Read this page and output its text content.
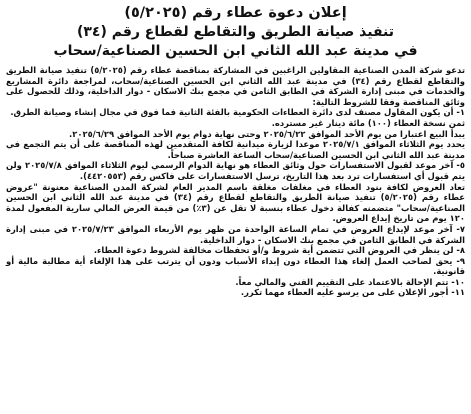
إعلان دعوة عطاء رقم (٥/٢٠٢٥)
تنفيذ صيانة الطريق والتقاطع لقطاع رقم (٣٤)
في مدينة عبد الله الثاني ابن الحسين الصناعية/سحاب

تدعو شركة المدن الصناعية المقاولين الراغبين في المشاركة بمناقصة عطاء رقم (٥/٢٠٢٥) تنفيذ صيانة الطريق والتقاطع لقطاع رقم (٣٤) في مدينة عبد الله الثاني ابن الحسين الصناعية/سحاب، لمراجعة دائرة المشاريع والخدمات في مبنى إدارة الشركة في الطابق الثامن في مجمع بنك الاسكان - دوار الداخلية، وذلك للحصول على وثائق المناقصة وفقا للشروط التالية:

١- أن يكون المقاول مصنف لدى دائرة العطاءات الحكومية بالفئة الثانية فما فوق في مجال إنشاء وصيانة الطرق.

ثمن نسخة العطاء (١٠٠) مائة دينار غير مسترده.

يبدأ البيع اعتبارا من يوم الأحد الموافق ٢٠٢٥/٦/٢٢ وحتى نهاية دوام يوم الأحد الموافق ٢٠٢٥/٦/٢٩.

يحدد يوم الثلاثاء الموافق ٢٠٢٥/٧/١ موعدا لزيارة ميدانية لكافة المتقدمين لهذه المناقصة على أن يتم التجمع في مدينة عبد الله الثاني ابن الحسين الصناعية/سحاب الساعة العاشرة صباحاً.

٥- آخر موعد لقبول الاستفسارات حول وثائق العطاء هو نهاية الدوام الرسمي ليوم الثلاثاء الموافق ٢٠٢٥/٧/٨ ولن يتم قبول أي استفسارات ترد بعد هذا التاريخ، ترسل الاستفسارات على فاكس رقم (٤٤٢٠٥٥٣).

تعاد العروض لكافة بنود العطاء في مغلفات مغلقة باسم المدير العام لشركة المدن الصناعية معنونة "عروض عطاء رقم (٥/٢٠٢٥) تنفيذ صيانة الطريق والتقاطع لقطاع رقم (٣٤) في مدينة عبد الله الثاني ابن الحسين الصناعية/سحاب" متضمنه كفالة دخول عطاء بنسبة لا تقل عن (٣٪) من قيمة العرض المالي سارية المفعول لمدة ١٢٠ يوم من تاريخ إيداع العروض.

٧- آخر موعد لإيداع العروض في تمام الساعة الواحدة من ظهر يوم الأربعاء الموافق ٢٠٢٥/٧/٢٣ في مبنى إدارة الشركة في الطابق الثامن في مجمع بنك الاسكان - دوار الداخلية.

٨- لن ينظر في العروض التي تتضمن أية شروط و/أو تحفظات مخالفة لشروط دعوة العطاء.

٩- يحق لصاحب العمل إلغاء هذا العطاء دون إبداء الأسباب ودون أن يترتب على هذا الإلغاء أية مطالبة مالية أو قانونية.

١٠- تتم الإحالة بالاعتماد على التقييم الفني والمالي معاً.

١١- أجور الإعلان على من يرسو عليه العطاء مهما تكرر.
